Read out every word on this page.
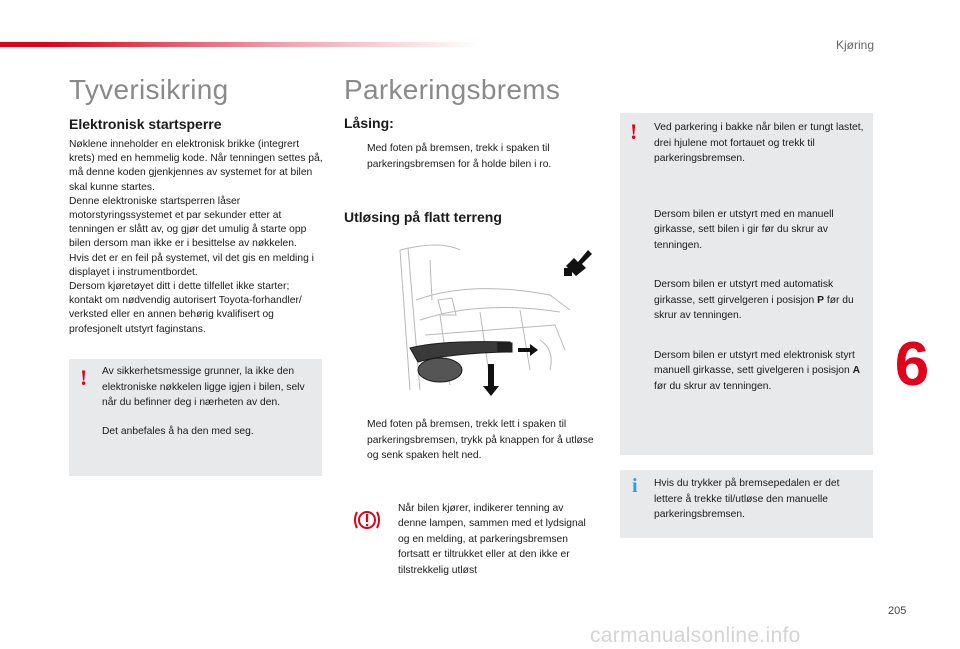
Kjøring
Tyverisikring
Elektronisk startsperre

Nøklene inneholder en elektronisk brikke (integrert krets) med en hemmelig kode. Når tenningen settes på, må denne koden gjenkjennes av systemet for at bilen skal kunne startes.

Denne elektroniske startsperren låser motorstyringssystemet et par sekunder etter at tenningen er slått av, og gjør det umulig å starte opp bilen dersom man ikke er i besittelse av nøkkelen.

Hvis det er en feil på systemet, vil det gis en melding i displayet i instrumentbordet.

Dersom kjøretøyet ditt i dette tilfellet ikke starter; kontakt om nødvendig autorisert Toyota-forhandler/ verksted eller en annen behørig kvalifisert og profesjonelt utstyrt faginstans.

! Av sikkerhetsmessige grunner, la ikke den elektroniske nøkkelen ligge igjen i bilen, selv når du befinner deg i nærheten av den.

Det anbefales å ha den med seg.

Parkeringsbrems
Låsing:
Med foten på bremsen, trekk i spaken til parkeringsbremsen for å holde bilen i ro.
Utløsing på flatt terreng
Med foten på bremsen, trekk lett i spaken til parkeringsbremsen, trykk på knappen for å utløse og senk spaken helt ned.
Når bilen kjører, indikerer tenning av denne lampen, sammen med et lydsignal og en melding, at parkeringsbremsen fortsatt er tiltrukket eller at den ikke er tilstrekkelig utløst
! Ved parkering i bakke når bilen er tungt lastet, drei hjulene mot fortauet og trekk til parkeringsbremsen.

Dersom bilen er utstyrt med en manuell girkasse, sett bilen i gir før du skrur av tenningen.

Dersom bilen er utstyrt med automatisk girkasse, sett girvelgeren i posisjon P før du skrur av tenningen.

Dersom bilen er utstyrt med elektronisk styrt manuell girkasse, sett givelgeren i posisjon A før du skrur av tenningen.

i Hvis du trykker på bremsepedalen er det lettere å trekke til/utløse den manuelle parkeringsbremsen.
6
205
carmanualsonline.info
